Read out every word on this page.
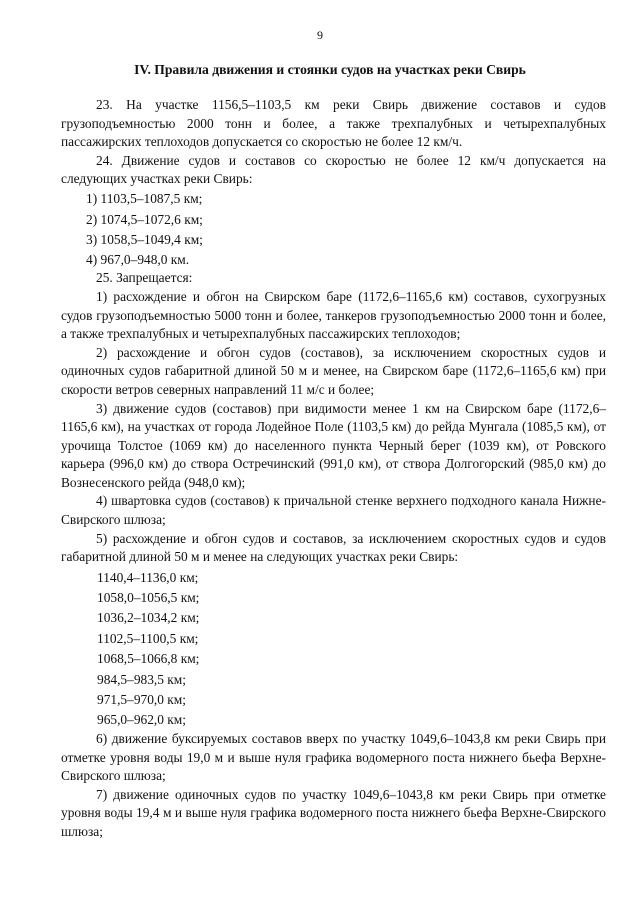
9
IV. Правила движения и стоянки судов на участках реки Свирь

23. На участке 1156,5–1103,5 км реки Свирь движение составов и судов грузоподъемностью 2000 тонн и более, а также трехпалубных и четырехпалубных пассажирских теплоходов допускается со скоростью не более 12 км/ч.

24. Движение судов и составов со скоростью не более 12 км/ч допускается на следующих участках реки Свирь:

1) 1103,5–1087,5 км;

2) 1074,5–1072,6 км;

3) 1058,5–1049,4 км;

4) 967,0–948,0 км.

25. Запрещается:

1) расхождение и обгон на Свирском баре (1172,6–1165,6 км) составов, сухогрузных судов грузоподъемностью 5000 тонн и более, танкеров грузоподъемностью 2000 тонн и более, а также трехпалубных и четырехпалубных пассажирских теплоходов;

2) расхождение и обгон судов (составов), за исключением скоростных судов и одиночных судов габаритной длиной 50 м и менее, на Свирском баре (1172,6–1165,6 км) при скорости ветров северных направлений 11 м/с и более;

3) движение судов (составов) при видимости менее 1 км на Свирском баре (1172,6–1165,6 км), на участках от города Лодейное Поле (1103,5 км) до рейда Мунгала (1085,5 км), от урочища Толстое (1069 км) до населенного пункта Черный берег (1039 км), от Ровского карьера (996,0 км) до створа Остречинский (991,0 км), от створа Долгогорский (985,0 км) до Вознесенского рейда (948,0 км);

4) швартовка судов (составов) к причальной стенке верхнего подходного канала Нижне-Свирского шлюза;

5) расхождение и обгон судов и составов, за исключением скоростных судов и судов габаритной длиной 50 м и менее на следующих участках реки Свирь:

1140,4–1136,0 км;

1058,0–1056,5 км;

1036,2–1034,2 км;

1102,5–1100,5 км;

1068,5–1066,8 км;

984,5–983,5 км;

971,5–970,0 км;

965,0–962,0 км;

6) движение буксируемых составов вверх по участку 1049,6–1043,8 км реки Свирь при отметке уровня воды 19,0 м и выше нуля графика водомерного поста нижнего бьефа Верхне-Свирского шлюза;

7) движение одиночных судов по участку 1049,6–1043,8 км реки Свирь при отметке уровня воды 19,4 м и выше нуля графика водомерного поста нижнего бьефа Верхне-Свирского шлюза;
